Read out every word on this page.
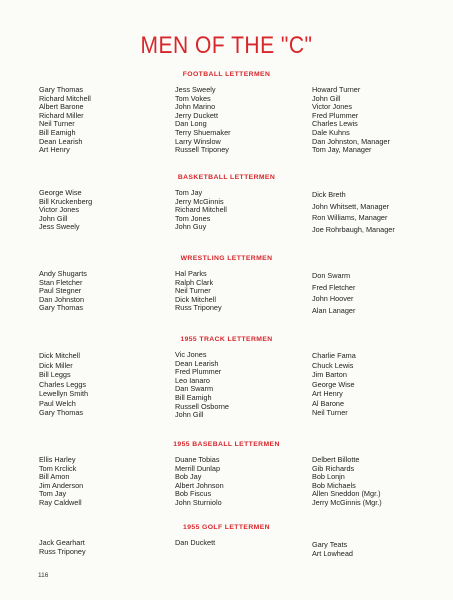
MEN OF THE "C"
FOOTBALL LETTERMEN
Gary Thomas
Richard Mitchell
Albert Barone
Richard Miller
Neil Turner
Bill Eamigh
Dean Learish
Art Henry
Jess Sweely
Tom Vokes
John Marino
Jerry Duckett
Dan Long
Terry Shuemaker
Larry Winslow
Russell Triponey
Howard Turner
John Gill
Victor Jones
Fred Plummer
Charles Lewis
Dale Kuhns
Dan Johnston, Manager
Tom Jay, Manager
BASKETBALL LETTERMEN
George Wise
Bill Kruckenberg
Victor Jones
John Gill
Jess Sweely
Tom Jay
Jerry McGinnis
Richard Mitchell
Tom Jones
John Guy
Dick Breth
John Whitsett, Manager
Ron Williams, Manager
Joe Rohrbaugh, Manager
WRESTLING LETTERMEN
Andy Shugarts
Stan Fletcher
Paul Stegner
Dan Johnston
Gary Thomas
Hal Parks
Ralph Clark
Neil Turner
Dick Mitchell
Russ Triponey
Don Swarm
Fred Fletcher
John Hoover
Alan Lanager
1955 TRACK LETTERMEN
Dick Mitchell
Dick Miller
Bill Leggs
Charles Leggs
Lewellyn Smith
Paul Welch
Gary Thomas
Vic Jones
Dean Learish
Fred Plummer
Leo Ianaro
Dan Swarm
Bill Eamigh
Russell Osborne
John Gill
Charlie Fama
Chuck Lewis
Jim Barton
George Wise
Art Henry
Al Barone
Neil Turner
1955 BASEBALL LETTERMEN
Ellis Harley
Tom Krclick
Bill Amon
Jim Anderson
Tom Jay
Ray Caldwell
Duane Tobias
Merrill Dunlap
Bob Jay
Albert Johnson
Bob Fiscus
John Sturniolo
Delbert Billotte
Gib Richards
Bob Lonjn
Bob Michaels
Allen Sneddon (Mgr.)
Jerry McGinnis (Mgr.)
1955 GOLF LETTERMEN
Jack Gearhart
Russ Triponey
Dan Duckett	Gary Teats
Art Lowhead
116
